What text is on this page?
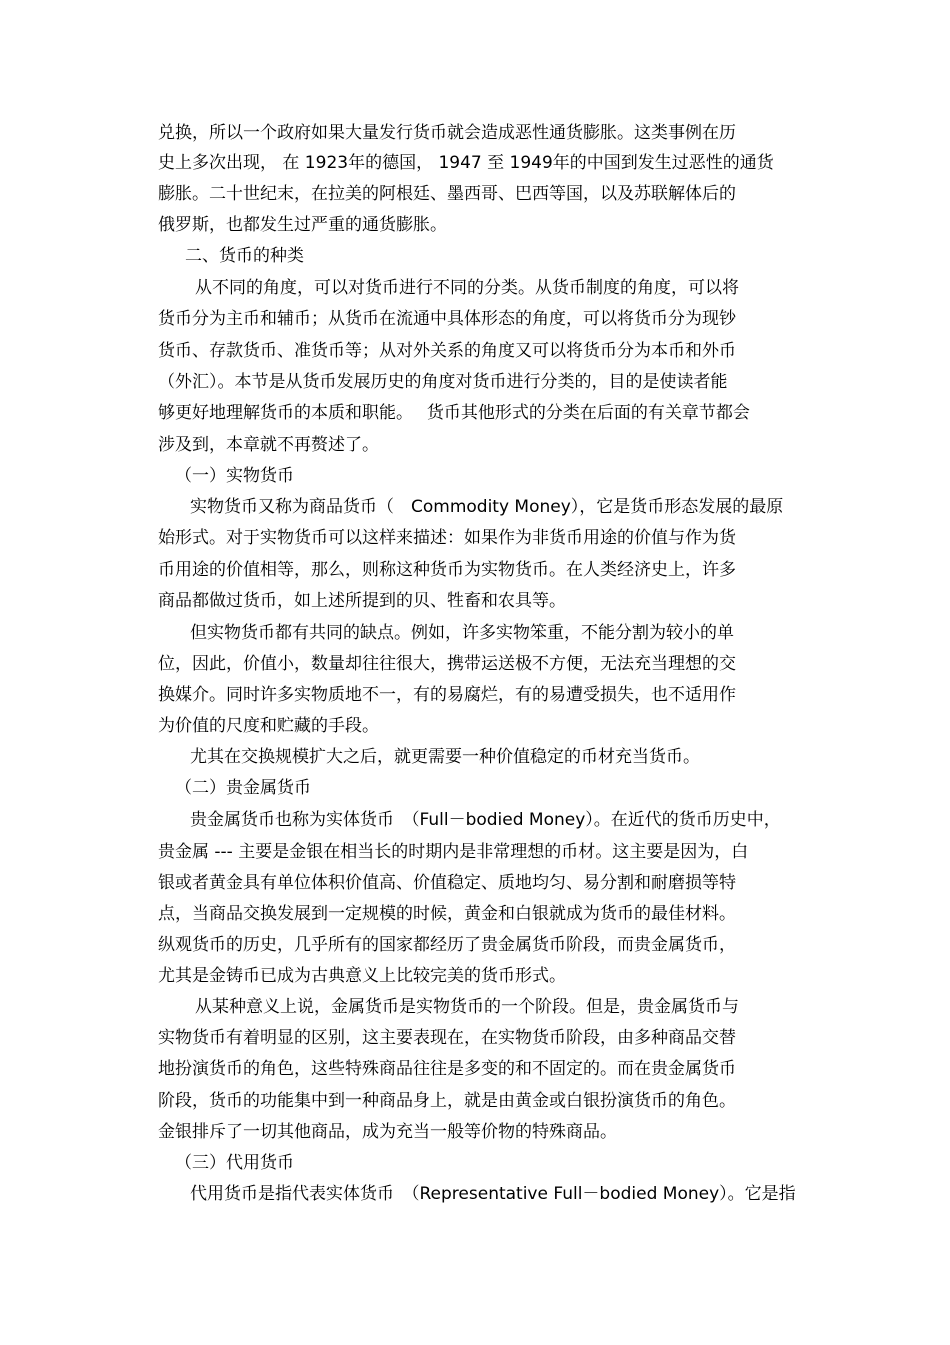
兑换，所以一个政府如果大量发行货币就会造成恶性通货膨胀。这类事例在历
史上多次出现， 在 1923年的德国， 1947 至 1949年的中国到发生过恶性的通货
膨胀。二十世纪末，在拉美的阿根廷、墨西哥、巴西等国，以及苏联解体后的
俄罗斯，也都发生过严重的通货膨胀。
二、货币的种类
从不同的角度，可以对货币进行不同的分类。从货币制度的角度，可以将
货币分为主币和辅币；从货币在流通中具体形态的角度，可以将货币分为现钞
货币、存款货币、准货币等；从对外关系的角度又可以将货币分为本币和外币
（外汇）。本节是从货币发展历史的角度对货币进行分类的，目的是使读者能
够更好地理解货币的本质和职能。　 货币其他形式的分类在后面的有关章节都会
涉及到，本章就不再赘述了。
（一）实物货币
实物货币又称为商品货币（　Commodity Money），它是货币形态发展的最原
始形式。对于实物货币可以这样来描述：如果作为非货币用途的价值与作为货
币用途的价值相等，那么，则称这种货币为实物货币。在人类经济史上，许多
商品都做过货币，如上述所提到的贝、牲畜和农具等。
但实物货币都有共同的缺点。例如，许多实物笨重，不能分割为较小的单
位，因此，价值小，数量却往往很大，携带运送极不方便，无法充当理想的交
换媒介。同时许多实物质地不一，有的易腐烂，有的易遭受损失，也不适用作
为价值的尺度和贮藏的手段。
尤其在交换规模扩大之后，就更需要一种价值稳定的币材充当货币。
（二）贵金属货币
贵金属货币也称为实体货币　（Full－bodied Money）。在近代的货币历史中，
贵金属 --- 主要是金银在相当长的时期内是非常理想的币材。这主要是因为，白
银或者黄金具有单位体积价值高、价值稳定、质地均匀、易分割和耐磨损等特
点，当商品交换发展到一定规模的时候，黄金和白银就成为货币的最佳材料。
纵观货币的历史，几乎所有的国家都经历了贵金属货币阶段，而贵金属货币，
尤其是金铸币已成为古典意义上比较完美的货币形式。
从某种意义上说，金属货币是实物货币的一个阶段。但是，贵金属货币与
实物货币有着明显的区别，这主要表现在，在实物货币阶段，由多种商品交替
地扮演货币的角色，这些特殊商品往往是多变的和不固定的。而在贵金属货币
阶段，货币的功能集中到一种商品身上，就是由黄金或白银扮演货币的角色。
金银排斥了一切其他商品，成为充当一般等价物的特殊商品。
（三）代用货币
代用货币是指代表实体货币　（Representative Full－bodied Money）。它是指
